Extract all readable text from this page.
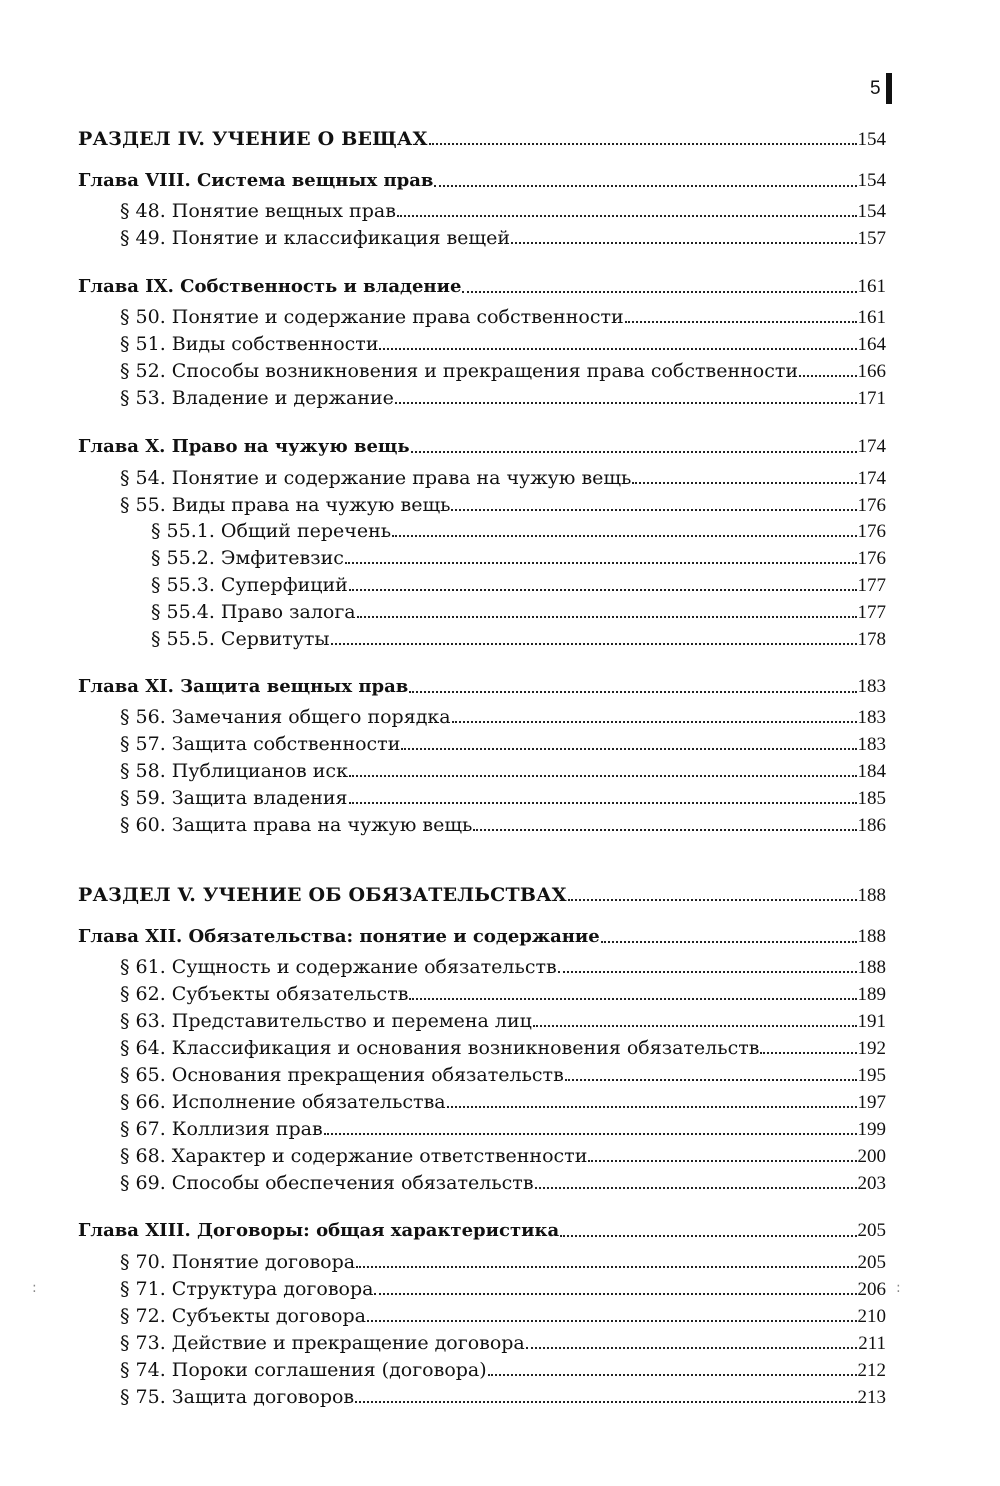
5
РАЗДЕЛ IV. УЧЕНИЕ О ВЕЩАХ	154
Глава VIII. Система вещных прав	154
§ 48. Понятие вещных прав	154
§ 49. Понятие и классификация вещей	157
Глава IX. Собственность и владение	161
§ 50. Понятие и содержание права собственности	161
§ 51. Виды собственности	164
§ 52. Способы возникновения и прекращения права собственности	166
§ 53. Владение и держание	171
Глава X. Право на чужую вещь	174
§ 54. Понятие и содержание права на чужую вещь	174
§ 55. Виды права на чужую вещь	176
§ 55.1. Общий перечень	176
§ 55.2. Эмфитевзис	176
§ 55.3. Суперфиций	177
§ 55.4. Право залога	177
§ 55.5. Сервитуты	178
Глава XI. Защита вещных прав	183
§ 56. Замечания общего порядка	183
§ 57. Защита собственности	183
§ 58. Публицианов иск	184
§ 59. Защита владения	185
§ 60. Защита права на чужую вещь	186
РАЗДЕЛ V. УЧЕНИЕ ОБ ОБЯЗАТЕЛЬСТВАХ	188
Глава XII. Обязательства: понятие и содержание	188
§ 61. Сущность и содержание обязательств	188
§ 62. Субъекты обязательств	189
§ 63. Представительство и перемена лиц	191
§ 64. Классификация и основания возникновения обязательств	192
§ 65. Основания прекращения обязательств	195
§ 66. Исполнение обязательства	197
§ 67. Коллизия прав	199
§ 68. Характер и содержание ответственности	200
§ 69. Способы обеспечения обязательств	203
Глава XIII. Договоры: общая характеристика	205
§ 70. Понятие договора	205
§ 71. Структура договора	206
§ 72. Субъекты договора	210
§ 73. Действие и прекращение договора	211
§ 74. Пороки соглашения (договора)	212
§ 75. Защита договоров	213
:	:
